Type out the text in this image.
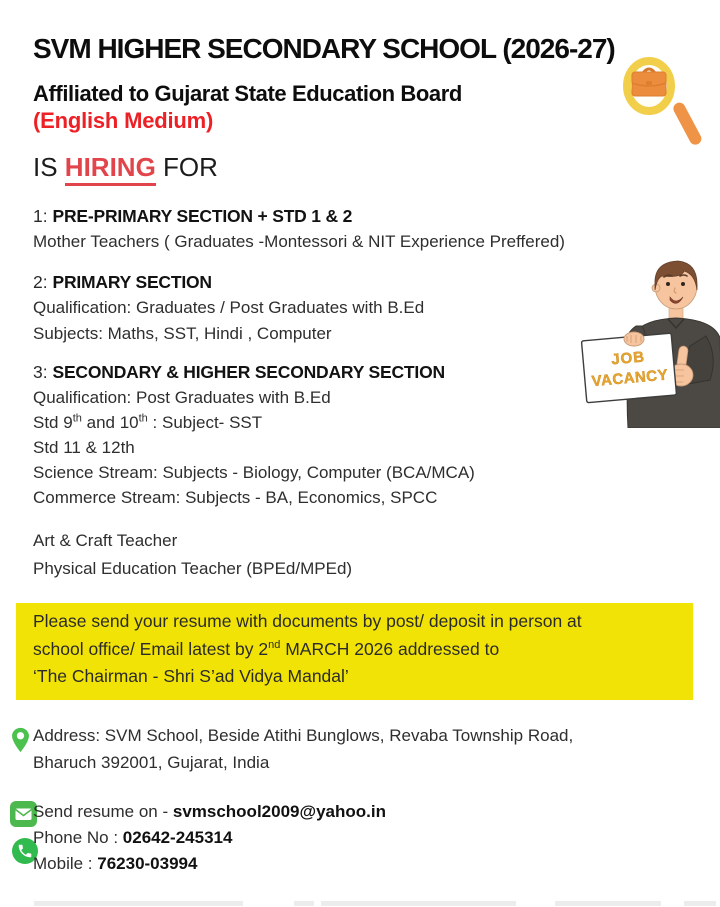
SVM HIGHER SECONDARY SCHOOL (2026-27)
Affiliated to Gujarat State Education Board
(English Medium)
IS HIRING FOR
1: PRE-PRIMARY SECTION + STD 1 & 2
Mother Teachers ( Graduates -Montessori & NIT Experience Preffered)
2: PRIMARY SECTION
Qualification: Graduates / Post Graduates with B.Ed
Subjects: Maths, SST, Hindi , Computer
3: SECONDARY & HIGHER SECONDARY SECTION
Qualification: Post Graduates with B.Ed
Std 9th and 10th : Subject- SST
Std 11 & 12th
Science Stream: Subjects - Biology, Computer (BCA/MCA)
Commerce Stream: Subjects - BA, Economics, SPCC
JOB
VACANCY
Art & Craft Teacher
Physical Education Teacher (BPEd/MPEd)
Please send your resume with documents by post/ deposit in person at
school office/ Email latest by 2nd MARCH 2026 addressed to
‘The Chairman - Shri S’ad Vidya Mandal’
Address: SVM School, Beside Atithi Bunglows, Revaba Township Road,
Bharuch 392001, Gujarat, India
Send resume on - svmschool2009@yahoo.in
Phone No : 02642-245314
Mobile : 76230-03994
